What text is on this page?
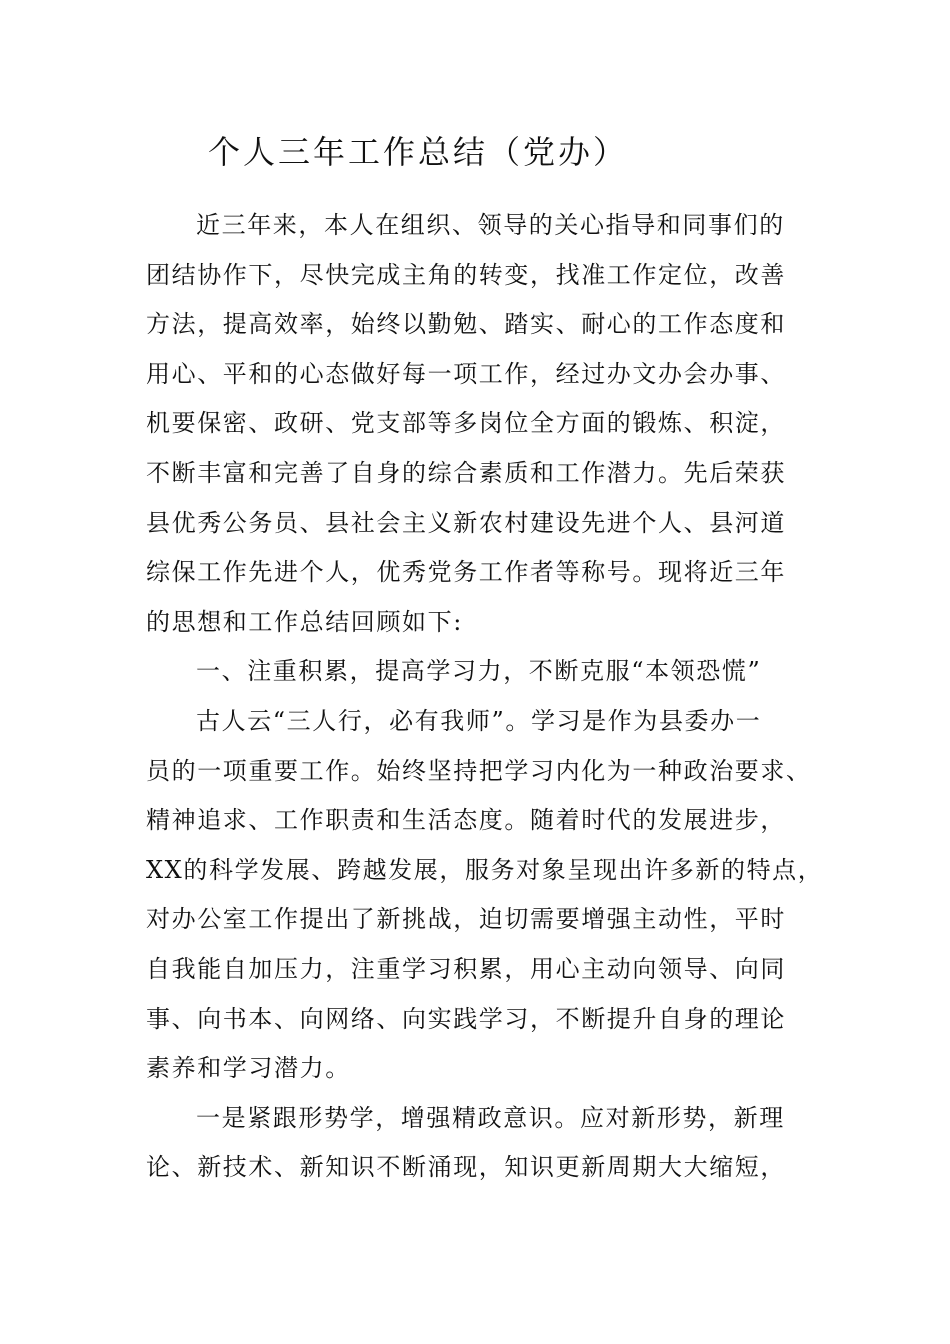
个人三年工作总结（党办）
近三年来，本人在组织、领导的关心指导和同事们的
团结协作下，尽快完成主角的转变，找准工作定位，改善
方法，提高效率，始终以勤勉、踏实、耐心的工作态度和
用心、平和的心态做好每一项工作，经过办文办会办事、
机要保密、政研、党支部等多岗位全方面的锻炼、积淀，
不断丰富和完善了自身的综合素质和工作潜力。先后荣获
县优秀公务员、县社会主义新农村建设先进个人、县河道
综保工作先进个人，优秀党务工作者等称号。现将近三年
的思想和工作总结回顾如下:
一、注重积累，提高学习力，不断克服“本领恐慌”
古人云“三人行，必有我师”。学习是作为县委办一
员的一项重要工作。始终坚持把学习内化为一种政治要求、
精神追求、工作职责和生活态度。随着时代的发展进步，
XX的科学发展、跨越发展，服务对象呈现出许多新的特点，
对办公室工作提出了新挑战，迫切需要增强主动性，平时
自我能自加压力，注重学习积累，用心主动向领导、向同
事、向书本、向网络、向实践学习，不断提升自身的理论
素养和学习潜力。
一是紧跟形势学，增强精政意识。应对新形势，新理
论、新技术、新知识不断涌现，知识更新周期大大缩短，
